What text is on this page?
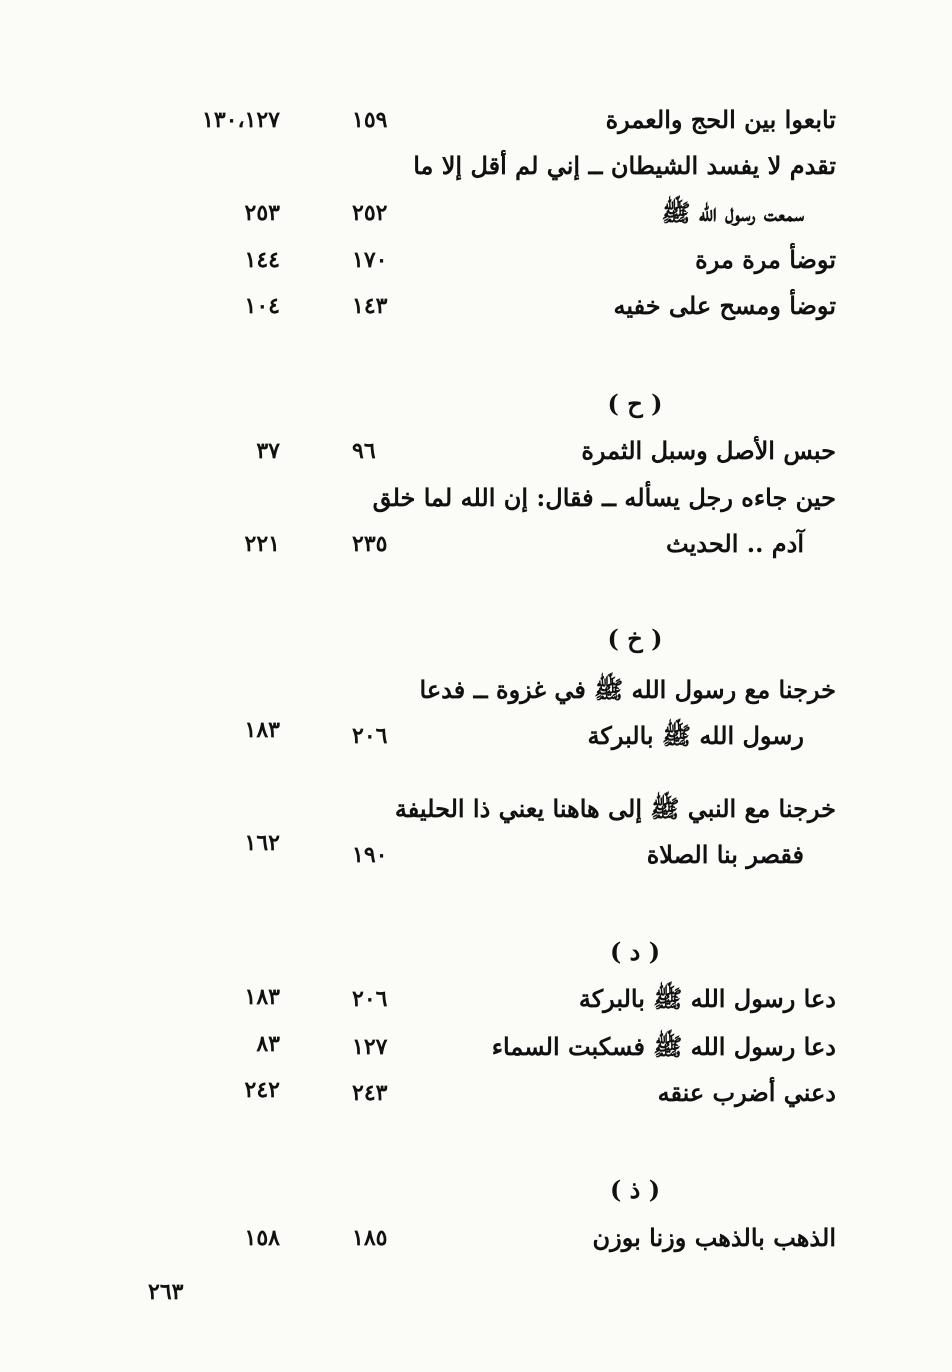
تابعوا بين الحج والعمرة
١٥٩
١٣٠،١٢٧
تقدم لا يفسد الشيطان ــ إني لم أقل إلا ما
سمعت رسول الله ﷺ
٢٥٢
٢٥٣
توضأ مرة مرة
١٧٠
١٤٤
توضأ ومسح على خفيه
١٤٣
١٠٤
( ح )
حبس الأصل وسبل الثمرة
٩٦
٣٧
حين جاءه رجل يسأله ــ فقال: إن الله لما خلق
آدم .. الحديث
٢٣٥
٢٢١
( خ )
خرجنا مع رسول الله ﷺ في غزوة ــ فدعا
رسول الله ﷺ بالبركة
٢٠٦
١٨٣
خرجنا مع النبي ﷺ إلى هاهنا يعني ذا الحليفة
فقصر بنا الصلاة
١٩٠
١٦٢
( د )
دعا رسول الله ﷺ بالبركة
٢٠٦
١٨٣
دعا رسول الله ﷺ فسكبت السماء
١٢٧
٨٣
دعني أضرب عنقه
٢٤٣
٢٤٢
( ذ )
الذهب بالذهب وزنا بوزن
١٨٥
١٥٨
٢٦٣
